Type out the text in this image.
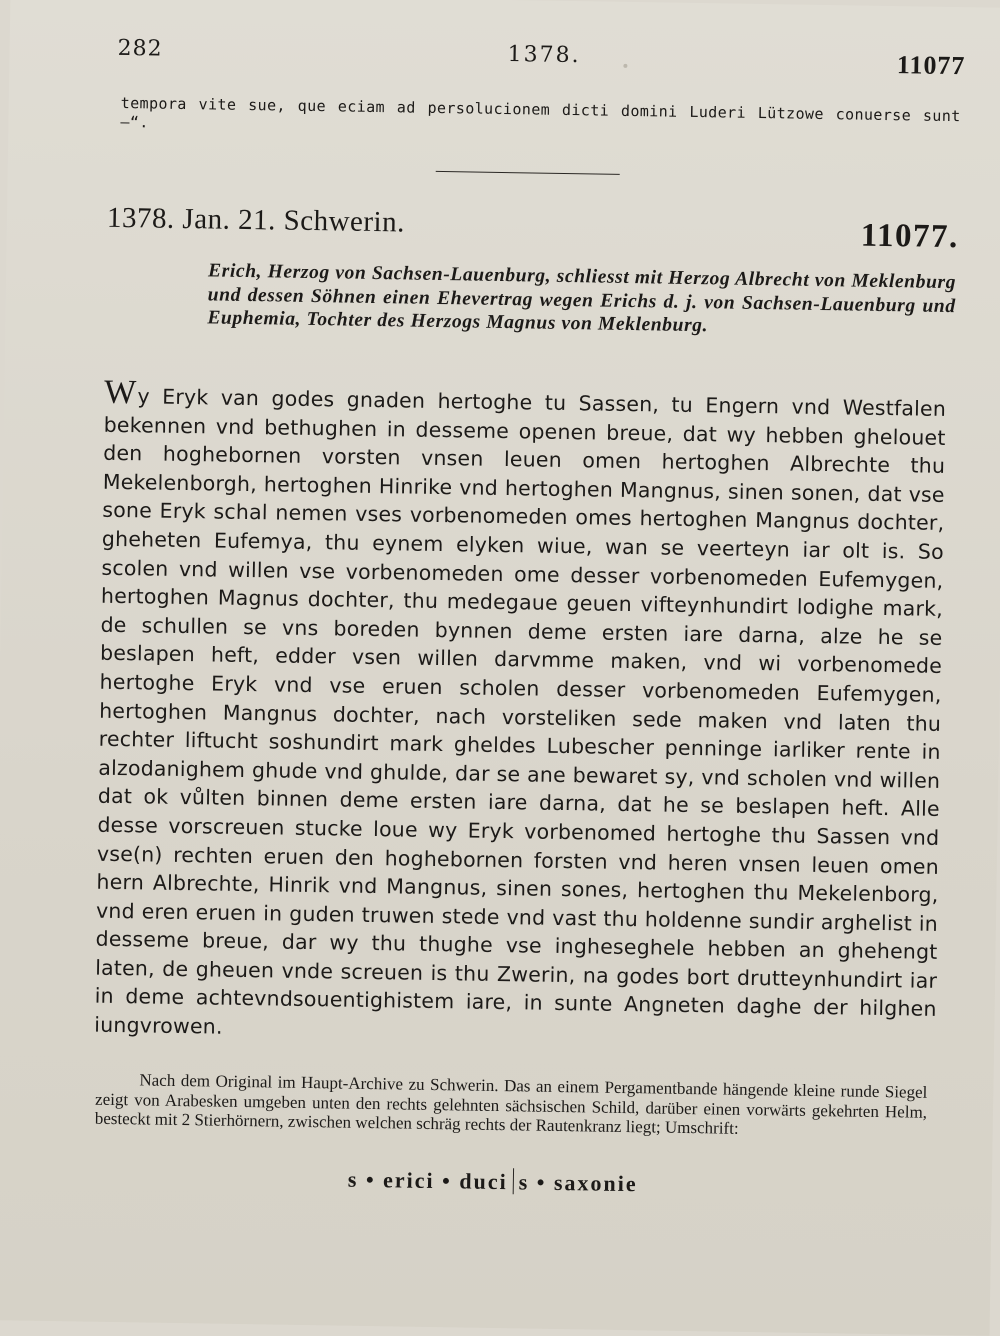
282	1378.	11077
tempora vite sue, que eciam ad persolucionem dicti domini Luderi Lützowe conuerse sunt —“.
1378. Jan. 21. Schwerin.	11077.
Erich, Herzog von Sachsen-Lauenburg, schliesst mit Herzog Albrecht von Meklenburg und dessen Söhnen einen Ehevertrag wegen Erichs d. j. von Sachsen-Lauenburg und Euphemia, Tochter des Herzogs Magnus von Meklenburg.

Wy Eryk van godes gnaden hertoghe tu Sassen, tu Engern vnd Westfalen bekennen vnd bethughen in desseme openen breue, dat wy hebben ghelouet den hoghebornen vorsten vnsen leuen omen hertoghen Albrechte thu Mekelenborgh, hertoghen Hinrike vnd hertoghen Mangnus, sinen sonen, dat vse sone Eryk schal nemen vses vorbenomeden omes hertoghen Mangnus dochter, gheheten Eufemya, thu eynem elyken wiue, wan se veerteyn iar olt is. So scolen vnd willen vse vorbenomeden ome desser vorbenomeden Eufemygen, hertoghen Magnus dochter, thu medegaue geuen vifteynhundirt lodighe mark, de schullen se vns boreden bynnen deme ersten iare darna, alze he se beslapen heft, edder vsen willen darvmme maken, vnd wi vorbenomede hertoghe Eryk vnd vse eruen scholen desser vorbenomeden Eufemygen, hertoghen Mangnus dochter, nach vorsteliken sede maken vnd laten thu rechter liftucht soshundirt mark gheldes Lubescher penninge iarliker rente in alzodanighem ghude vnd ghulde, dar se ane bewaret sy, vnd scholen vnd willen dat ok vůlten binnen deme ersten iare darna, dat he se beslapen heft. Alle desse vorscreuen stucke loue wy Eryk vorbenomed hertoghe thu Sassen vnd vse(n) rechten eruen den hoghebornen forsten vnd heren vnsen leuen omen hern Albrechte, Hinrik vnd Mangnus, sinen sones, hertoghen thu Mekelenborg, vnd eren eruen in guden truwen stede vnd vast thu holdenne sundir arghelist in desseme breue, dar wy thu thughe vse ingheseghele hebben an ghehengt laten, de gheuen vnde screuen is thu Zwerin, na godes bort drutteynhundirt iar in deme achtevndsouentighistem iare, in sunte Angneten daghe der hilghen iungvrowen.

Nach dem Original im Haupt-Archive zu Schwerin. Das an einem Pergamentbande hängende kleine runde Siegel zeigt von Arabesken umgeben unten den rechts gelehnten sächsischen Schild, darüber einen vorwärts gekehrten Helm, besteckt mit 2 Stierhörnern, zwischen welchen schräg rechts der Rautenkranz liegt; Umschrift:

s • erici • duci s • saxonie
